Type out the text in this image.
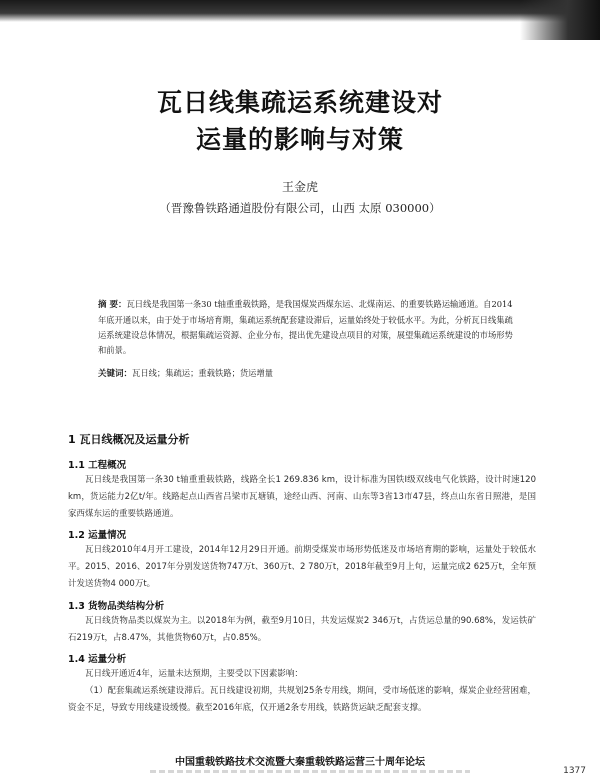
瓦日线集疏运系统建设对
运量的影响与对策
王金虎
（晋豫鲁铁路通道股份有限公司，山西 太原 030000）
摘 要：瓦日线是我国第一条30 t轴重重载铁路，是我国煤炭西煤东运、北煤南运、的重要铁路运输通道。自2014年底开通以来，由于处于市场培育期，集疏运系统配套建设滞后，运量始终处于较低水平。为此，分析瓦日线集疏运系统建设总体情况，根据集疏运资源、企业分布，提出优先建设点项目的对策，展望集疏运系统建设的市场形势和前景。
关键词：瓦日线；集疏运；重载铁路；货运增量
1 瓦日线概况及运量分析
1.1 工程概况
瓦日线是我国第一条30 t轴重重载铁路，线路全长1 269.836 km，设计标准为国铁Ⅰ级双线电气化铁路，设计时速120 km，货运能力2亿t/年。线路起点山西省吕梁市瓦塘镇，途经山西、河南、山东等3省13市47县，终点山东省日照港，是国家西煤东运的重要铁路通道。
1.2 运量情况
瓦日线2010年4月开工建设，2014年12月29日开通。前期受煤炭市场形势低迷及市场培育期的影响，运量处于较低水平。2015、2016、2017年分别发送货物747万t、360万t、2 780万t，2018年截至9月上旬，运量完成2 625万t，全年预计发送货物4 000万t。
1.3 货物品类结构分析
瓦日线货物品类以煤炭为主。以2018年为例，截至9月10日，共发运煤炭2 346万t，占货运总量的90.68%，发运铁矿石219万t，占8.47%，其他货物60万t，占0.85%。
1.4 运量分析
瓦日线开通近4年，运量未达预期，主要受以下因素影响：
（1）配套集疏运系统建设滞后。瓦日线建设初期，共规划25条专用线，期间，受市场低迷的影响，煤炭企业经营困难，资金不足，导致专用线建设缓慢。截至2016年底，仅开通2条专用线，铁路货运缺乏配套支撑。
中国重载铁路技术交流暨大秦重载铁路运营三十周年论坛
1377
